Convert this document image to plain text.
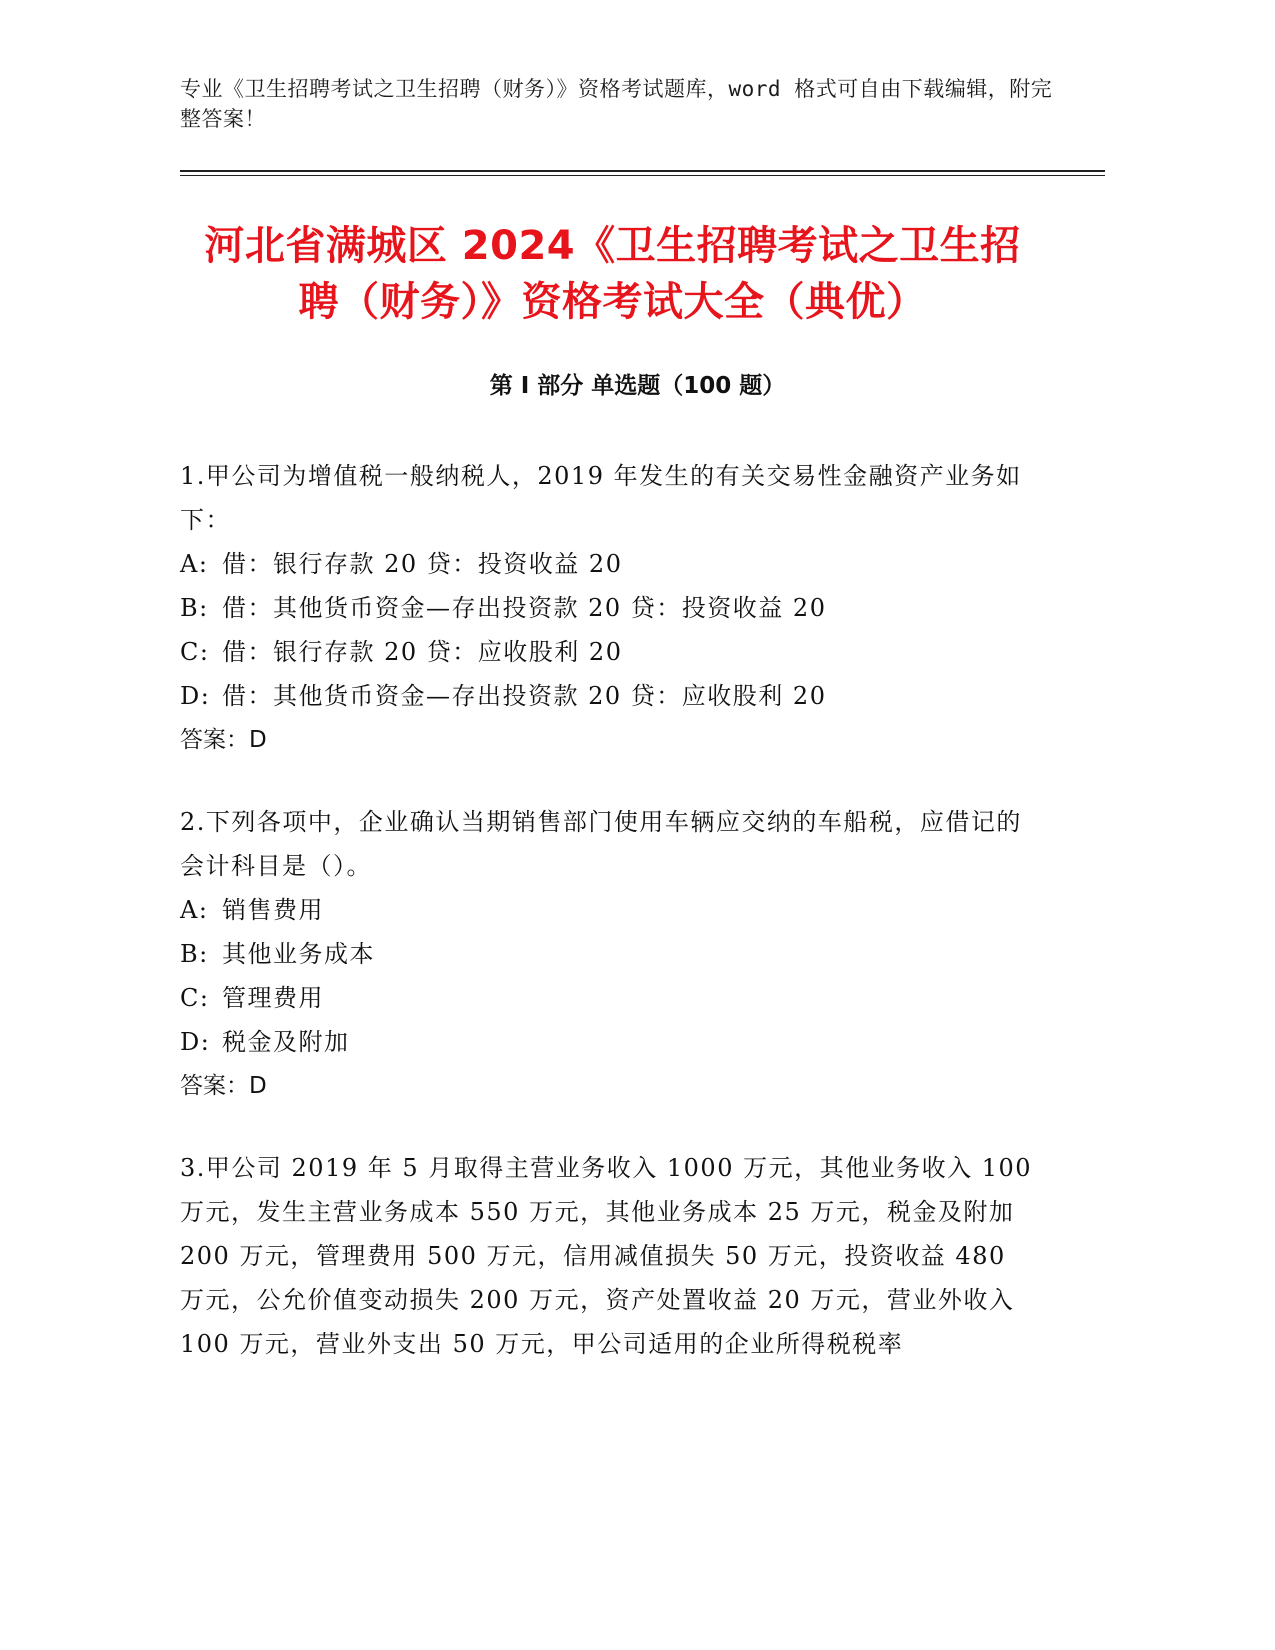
专业《卫生招聘考试之卫生招聘（财务）》资格考试题库，word 格式可自由下载编辑，附完整答案！
河北省满城区 2024《卫生招聘考试之卫生招
聘（财务）》资格考试大全（典优）
第 I 部分 单选题（100 题）
1.甲公司为增值税一般纳税人，2019 年发生的有关交易性金融资产业务如下：
A: 借：银行存款 20 贷：投资收益 20
B: 借：其他货币资金—存出投资款 20 贷：投资收益 20
C: 借：银行存款 20 贷：应收股利 20
D: 借：其他货币资金—存出投资款 20 贷：应收股利 20
答案：D
2.下列各项中，企业确认当期销售部门使用车辆应交纳的车船税，应借记的会计科目是（）。
A: 销售费用
B: 其他业务成本
C: 管理费用
D: 税金及附加
答案：D
3.甲公司 2019 年 5 月取得主营业务收入 1000 万元，其他业务收入 100 万元，发生主营业务成本 550 万元，其他业务成本 25 万元，税金及附加 200 万元，管理费用 500 万元，信用减值损失 50 万元，投资收益 480 万元，公允价值变动损失 200 万元，资产处置收益 20 万元，营业外收入 100 万元，营业外支出 50 万元，甲公司适用的企业所得税税率
